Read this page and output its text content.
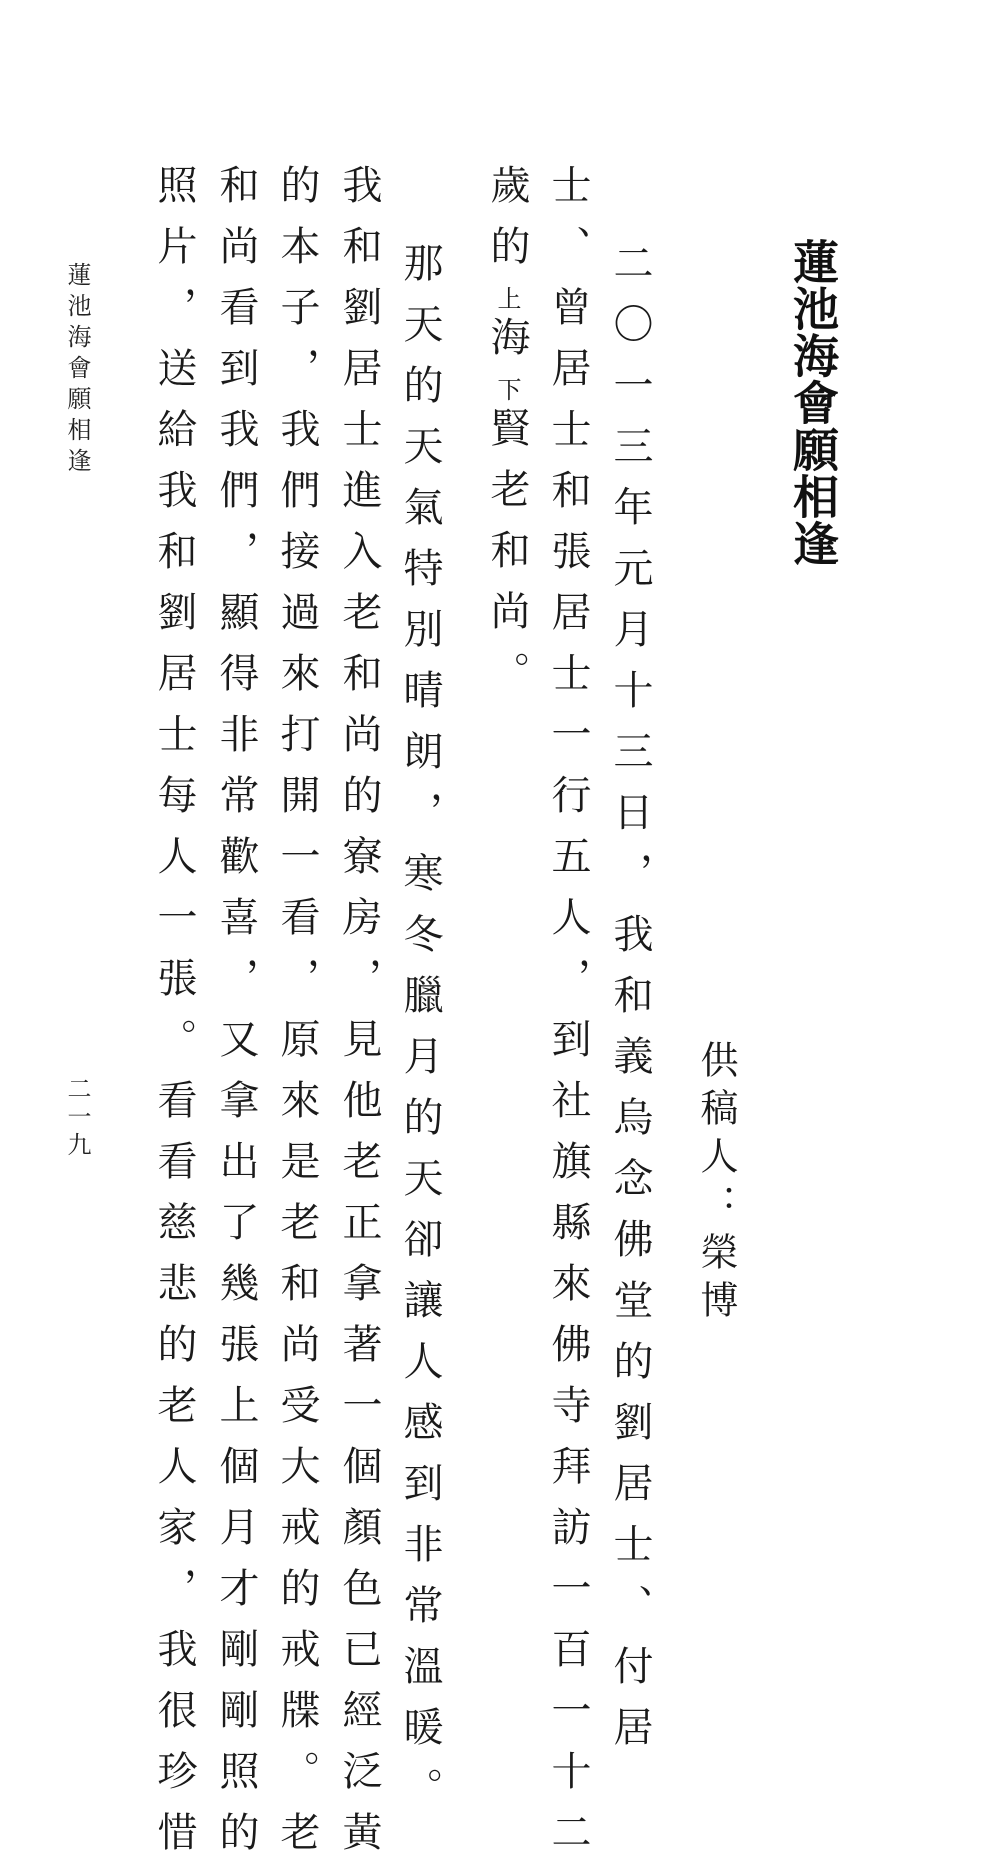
蓮池海會願相逢
供稿人：榮博
二〇一三年元月十三日，我和義烏念佛堂的劉居士、付居
士、曾居士和張居士一行五人，到社旗縣來佛寺拜訪一百一十二
歲的上海下賢老和尚。
那天的天氣特別晴朗，寒冬臘月的天卻讓人感到非常溫暖。
我和劉居士進入老和尚的寮房，見他老正拿著一個顏色已經泛黃
的本子，我們接過來打開一看，原來是老和尚受大戒的戒牒。老
和尚看到我們，顯得非常歡喜，又拿出了幾張上個月才剛剛照的
照片，送給我和劉居士每人一張。看看慈悲的老人家，我很珍惜
蓮池海會願相逢
二一九
